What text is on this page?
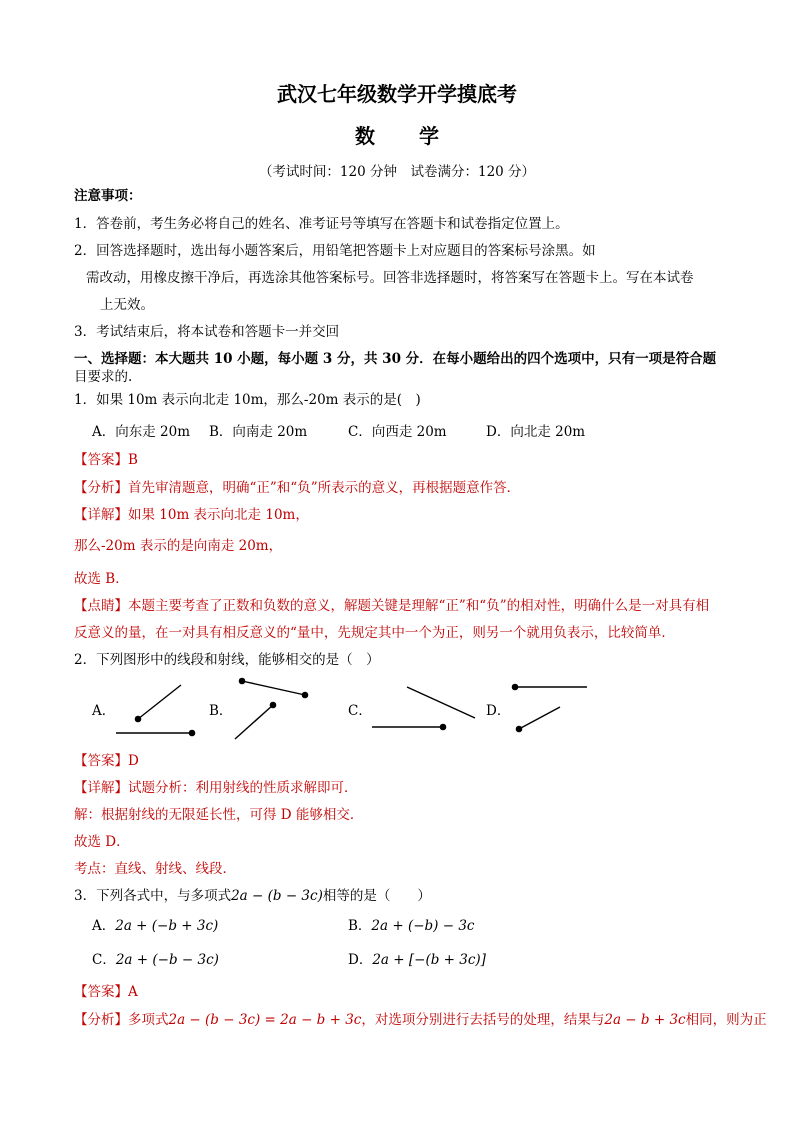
武汉七年级数学开学摸底考
数 学
（考试时间：120 分钟　试卷满分：120 分）
注意事项：
1．答卷前，考生务必将自己的姓名、准考证号等填写在答题卡和试卷指定位置上。
2．回答选择题时，选出每小题答案后，用铅笔把答题卡上对应题目的答案标号涂黑。如
需改动，用橡皮擦干净后，再选涂其他答案标号。回答非选择题时，将答案写在答题卡上。写在本试卷
上无效。
3．考试结束后，将本试卷和答题卡一并交回
一、选择题：本大题共 10 小题，每小题 3 分，共 30 分．在每小题给出的四个选项中，只有一项是符合题
目要求的.
1．如果 10m 表示向北走 10m，那么-20m 表示的是(　)
A．向东走 20m B．向南走 20m	C．向西走 20m	D．向北走 20m
【答案】B
【分析】首先审清题意，明确“正”和“负”所表示的意义，再根据题意作答．
【详解】如果 10m 表示向北走 10m，
那么-20m 表示的是向南走 20m，
故选 B．
【点睛】本题主要考查了正数和负数的意义，解题关键是理解“正”和“负”的相对性，明确什么是一对具有相
反意义的量，在一对具有相反意义的“量中，先规定其中一个为正，则另一个就用负表示，比较简单．
2．下列图形中的线段和射线，能够相交的是（　）
A．	B．	C．	D．
【答案】D
【详解】试题分析：利用射线的性质求解即可．
解：根据射线的无限延长性，可得 D 能够相交．
故选 D．
考点：直线、射线、线段．
3．下列各式中，与多项式2a − (b − 3c)相等的是（　　）
A．2a + (−b + 3c)	B．2a + (−b) − 3c
C．2a + (−b − 3c)	D．2a + [−(b + 3c)]
【答案】A
【分析】多项式2a − (b − 3c) = 2a − b + 3c，对选项分别进行去括号的处理，结果与2a − b + 3c相同，则为正
